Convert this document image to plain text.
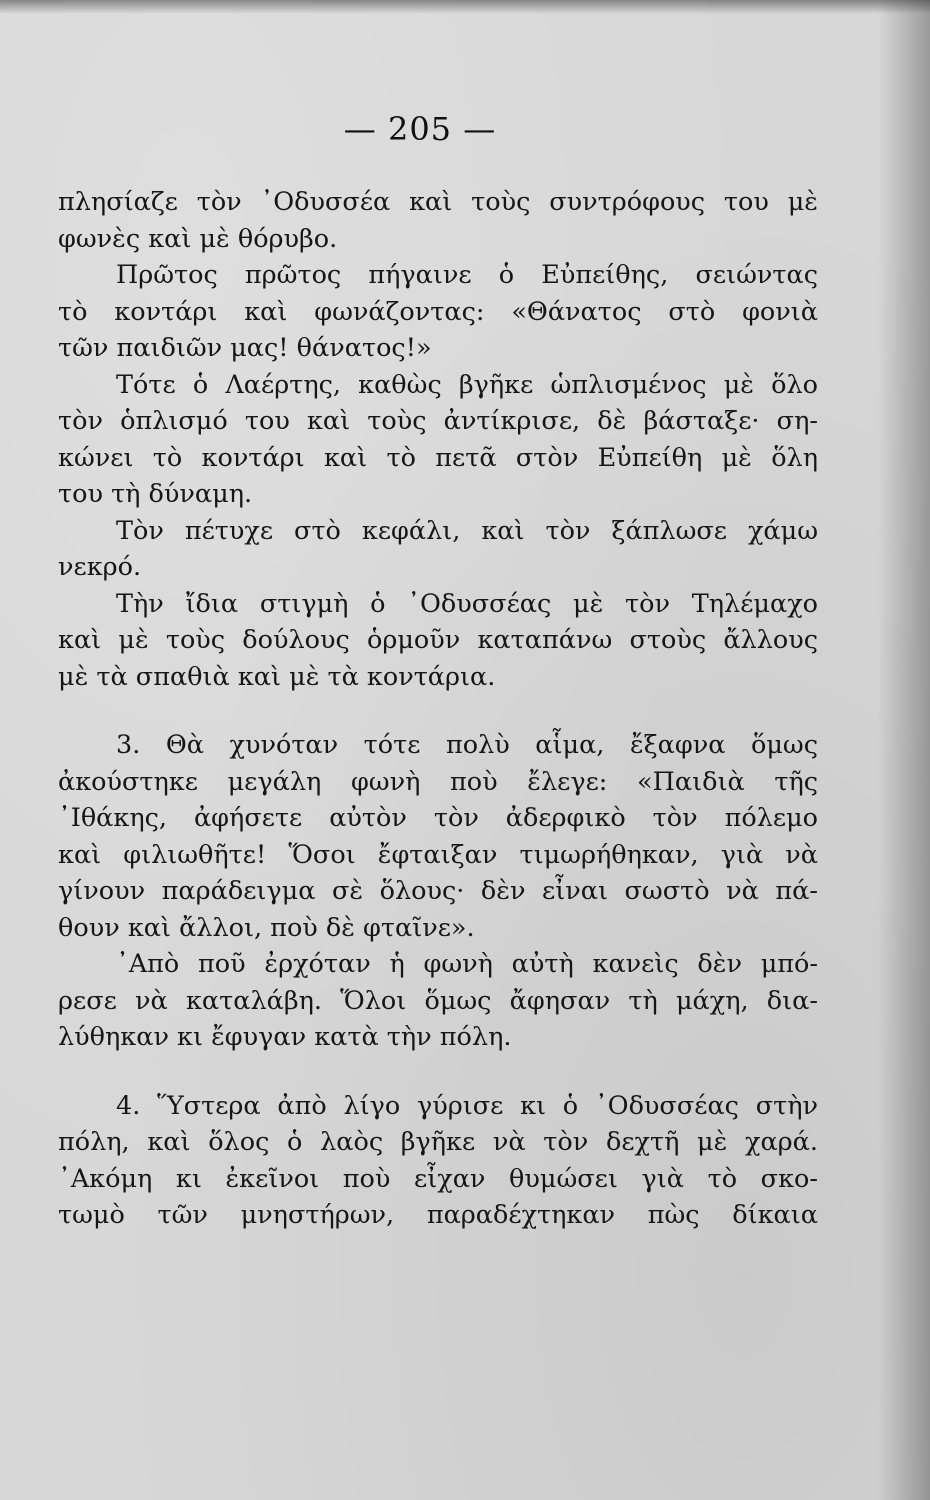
— 205 —
πλησίαζε τὸν ᾿Οδυσσέα καὶ τοὺς συντρόφους του μὲ
φωνὲς καὶ μὲ θόρυβο.
Πρῶτος πρῶτος πήγαινε ὁ Εὐπείθης, σειώντας
τὸ κοντάρι καὶ φωνάζοντας: «Θάνατος στὸ φονιὰ
τῶν παιδιῶν μας! θάνατος!»
Τότε ὁ Λαέρτης, καθὼς βγῆκε ὡπλισμένος μὲ ὅλο
τὸν ὁπλισμό του καὶ τοὺς ἀντίκρισε, δὲ βάσταξε· ση-
κώνει τὸ κοντάρι καὶ τὸ πετᾶ στὸν Εὐπείθη μὲ ὅλη
του τὴ δύναμη.
Τὸν πέτυχε στὸ κεφάλι, καὶ τὸν ξάπλωσε χάμω
νεκρό.
Τὴν ἴδια στιγμὴ ὁ ᾿Οδυσσέας μὲ τὸν Τηλέμαχο
καὶ μὲ τοὺς δούλους ὁρμοῦν καταπάνω στοὺς ἄλλους
μὲ τὰ σπαθιὰ καὶ μὲ τὰ κοντάρια.
3. Θὰ χυνόταν τότε πολὺ αἷμα, ἔξαφνα ὅμως
ἀκούστηκε μεγάλη φωνὴ ποὺ ἔλεγε: «Παιδιὰ τῆς
᾿Ιθάκης, ἀφήσετε αὐτὸν τὸν ἀδερφικὸ τὸν πόλεμο
καὶ φιλιωθῆτε! Ὅσοι ἔφταιξαν τιμωρήθηκαν, γιὰ νὰ
γίνουν παράδειγμα σὲ ὅλους· δὲν εἶναι σωστὸ νὰ πά-
θουν καὶ ἄλλοι, ποὺ δὲ φταῖνε».
᾿Απὸ ποῦ ἐρχόταν ἡ φωνὴ αὐτὴ κανεὶς δὲν μπό-
ρεσε νὰ καταλάβη. Ὅλοι ὅμως ἄφησαν τὴ μάχη, δια-
λύθηκαν κι ἔφυγαν κατὰ τὴν πόλη.
4. Ὕστερα ἀπὸ λίγο γύρισε κι ὁ ᾿Οδυσσέας στὴν
πόλη, καὶ ὅλος ὁ λαὸς βγῆκε νὰ τὸν δεχτῆ μὲ χαρά.
᾿Ακόμη κι ἐκεῖνοι ποὺ εἶχαν θυμώσει γιὰ τὸ σκο-
τωμὸ τῶν μνηστήρων, παραδέχτηκαν πὼς δίκαια
